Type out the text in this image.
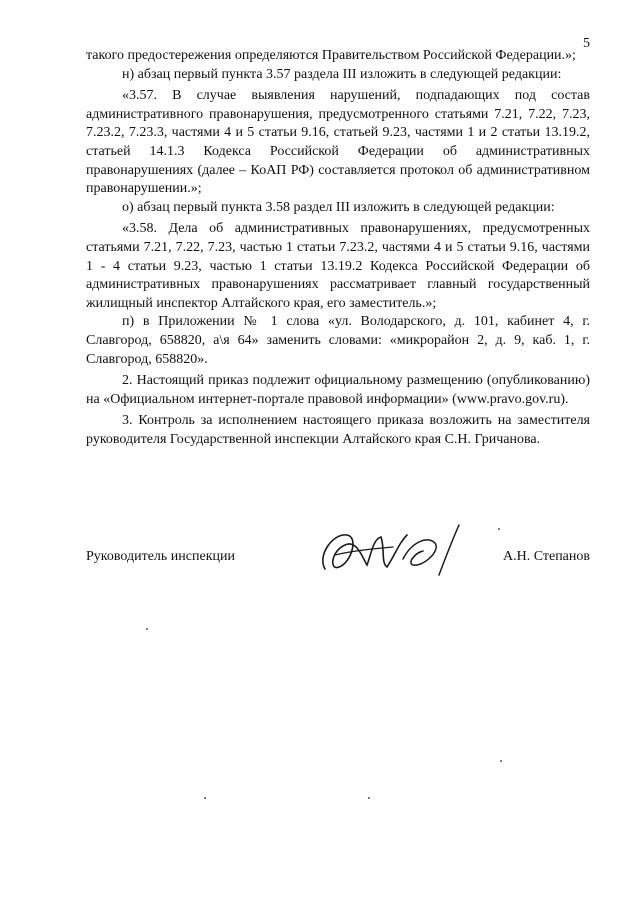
5

такого предостережения определяются Правительством Российской Федерации.»;

н) абзац первый пункта 3.57 раздела III изложить в следующей редакции:

«3.57. В случае выявления нарушений, подпадающих под состав административного правонарушения, предусмотренного статьями 7.21, 7.22, 7.23, 7.23.2, 7.23.3, частями 4 и 5 статьи 9.16, статьей 9.23, частями 1 и 2 статьи 13.19.2, статьей 14.1.3 Кодекса Российской Федерации об административных правонарушениях (далее – КоАП РФ) составляется протокол об административном правонарушении.»;

о) абзац первый пункта 3.58 раздел III изложить в следующей редакции:

«3.58. Дела об административных правонарушениях, предусмотренных статьями 7.21, 7.22, 7.23, частью 1 статьи 7.23.2, частями 4 и 5 статьи 9.16, частями 1 - 4 статьи 9.23, частью 1 статьи 13.19.2 Кодекса Российской Федерации об административных правонарушениях рассматривает главный государственный жилищный инспектор Алтайского края, его заместитель.»;

п) в Приложении № 1 слова «ул. Володарского, д. 101, кабинет 4, г. Славгород, 658820, а\я 64» заменить словами: «микрорайон 2, д. 9, каб. 1, г. Славгород, 658820».

2. Настоящий приказ подлежит официальному размещению (опубликованию) на «Официальном интернет-портале правовой информации» (www.pravo.gov.ru).

3. Контроль за исполнением настоящего приказа возложить на заместителя руководителя Государственной инспекции Алтайского края С.Н. Гричанова.

Руководитель инспекции	А.Н. Степанов
